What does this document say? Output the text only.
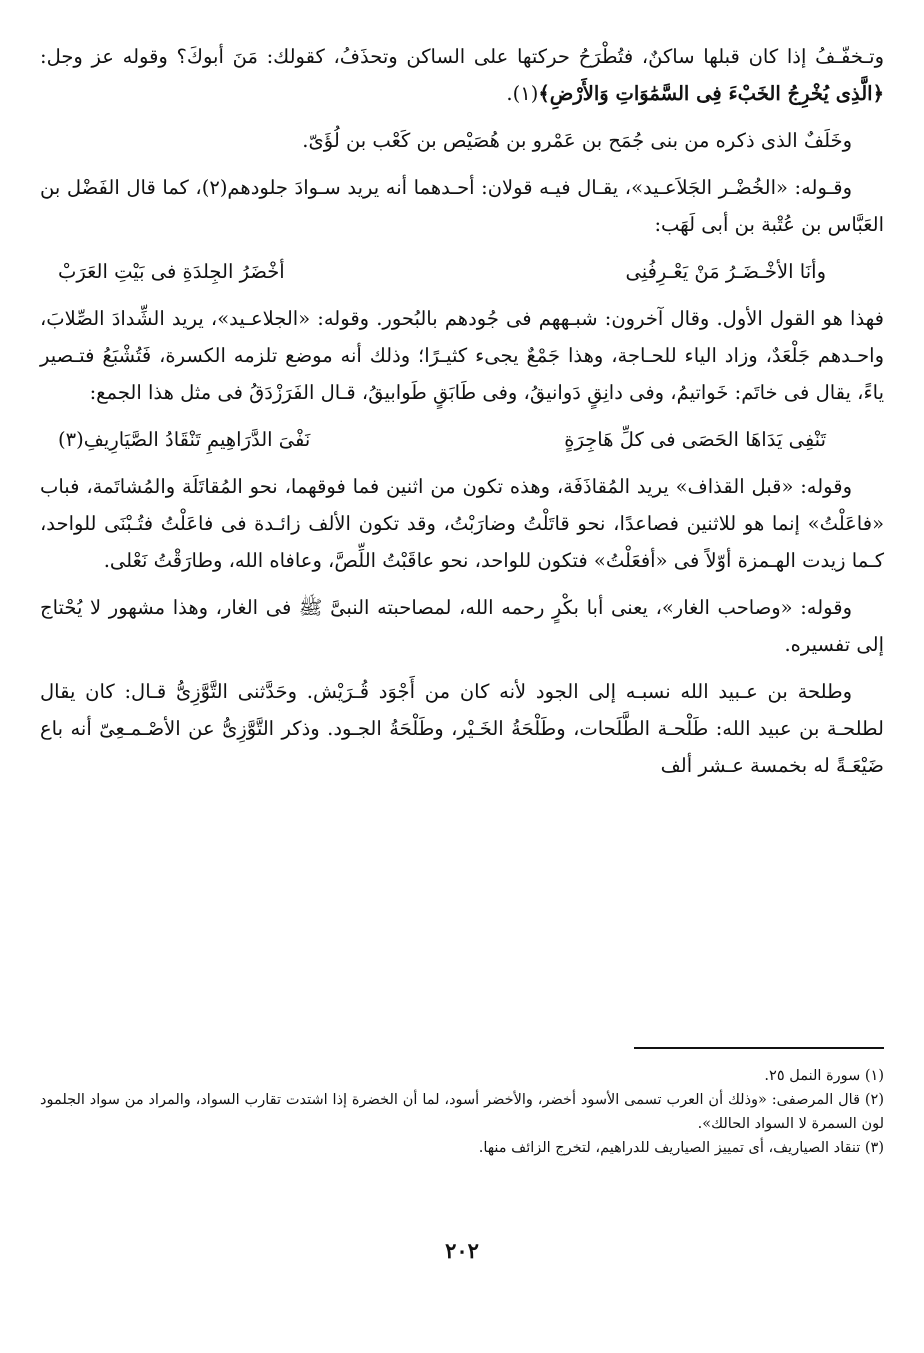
وتـخفّـفُ إذا كان قبلها ساكنٌ، فتُطْرَحُ حركتها على الساكن وتحذَفُ، كقولك: مَنَ أبوكَ؟ وقوله عز وجل: ﴿الَّذِى يُخْرِجُ الخَبْءَ فِى السَّمَٰوَاتِ وَالأَرْضِ﴾(١).

وخَلَفٌ الذى ذكره من بنى جُمَح بن عَمْرو بن هُصَيْص بن كَعْب بن لُؤَىّ.

وقـوله: «الخُضْـر الجَلاَعـيد»، يقـال فيـه قولان: أحـدهما أنه يريد سـوادَ جلودهم(٢)، كما قال الفَضْل بن العَبَّاس بن عُتْبة بن أبى لَهَب:

وأنَا الأخْـضَـرُ مَنْ يَعْـرِفُنِى
أخْضَرُ الجِلدَةِ فى بَيْتِ العَرَبْ

فهذا هو القول الأول. وقال آخرون: شبـههم فى جُودهم بالبُحور. وقوله: «الجلاعـيد»، يريد الشِّدادَ الصِّلابَ، واحـدهم جَلْعَدٌ، وزاد الياء للحـاجة، وهذا جَمْعٌ يجىء كثيـرًا؛ وذلك أنه موضع تلزمه الكسرة، فَتُشْبَعُ فتـصير ياءً، يقال فى خاتَم: خَواتيمُ، وفى دانِقٍ دَوانيقُ، وفى طَابَقٍ طَوابيقُ، قـال الفَرَزْدَقُ فى مثل هذا الجمع:

تَنْفِى يَدَاهَا الحَصَى فى كلِّ هَاجِرَةٍ
نَفْىَ الدَّرَاهِيمِ تَنْقَادُ الصَّيَارِيفِ(٣)

وقوله: «قبل القذاف» يريد المُقاذَفَة، وهذه تكون من اثنين فما فوقهما، نحو المُقاتَلَة والمُشاتَمة، فباب «فاعَلْتُ» إنما هو للاثنين فصاعدًا، نحو قاتَلْتُ وضارَبْتُ، وقد تكون الألف زائـدة فى فاعَلْتُ فتُـبْنَى للواحد، كـما زيدت الهـمزة أوّلاً فى «أفعَلْتُ» فتكون للواحد، نحو عاقَبْتُ اللِّصَّ، وعافاه الله، وطارَقْتُ نَعْلى.

وقوله: «وصاحب الغار»، يعنى أبا بكْرٍ رحمه الله، لمصاحبته النبىَّ ﷺ فى الغار، وهذا مشهور لا يُحْتاج إلى تفسيره.

وطلحة بن عـبيد الله نسبـه إلى الجود لأنه كان من أَجْوَد قُـرَيْش. وحَدَّثنى التَّوَّزِىُّ قـال: كان يقال لطلحـة بن عبيد الله: طَلْحـة الطَّلَحات، وطَلْحَةُ الخَـيْر، وطَلْحَةُ الجـود. وذكر التَّوَّزِىُّ عن الأصْـمـعِىّ أنه باع ضَيْعَـةً له بخمسة عـشر ألف

(١) سورة النمل ٢٥.

(٢) قال المرصفى: «وذلك أن العرب تسمى الأسود أخضر، والأخضر أسود، لما أن الخضرة إذا اشتدت تقارب السواد، والمراد من سواد الجلمود لون السمرة لا السواد الحالك».

(٣) تنقاد الصياريف، أى تمييز الصياريف للدراهيم، لتخرج الزائف منها.

٢٠٢
